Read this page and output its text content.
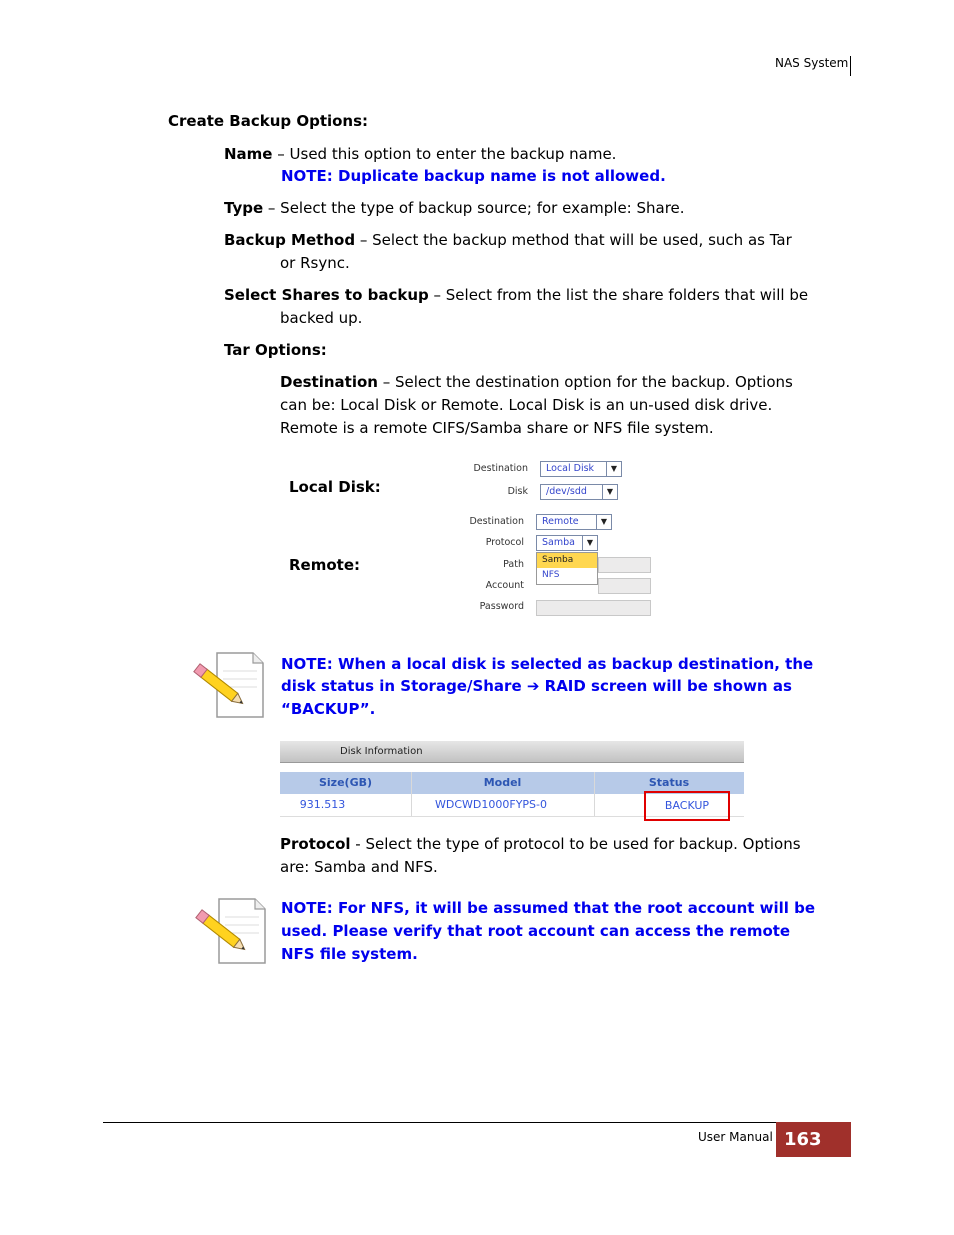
NAS System
Create Backup Options:
Name – Used this option to enter the backup name.
NOTE: Duplicate backup name is not allowed.
Type – Select the type of backup source; for example: Share.
Backup Method – Select the backup method that will be used, such as Tar
or Rsync.
Select Shares to backup – Select from the list the share folders that will be
backed up.
Tar Options:
Destination – Select the destination option for the backup. Options
can be: Local Disk or Remote. Local Disk is an un-used disk drive.
Remote is a remote CIFS/Samba share or NFS file system.
Local Disk:
Destination	Local Disk	▼
Disk	/dev/sdd	▼
Remote:
Destination	Remote	▼
Protocol	Samba	▼
Path
Account
Password
Samba
NFS
NOTE: When a local disk is selected as backup destination, the
disk status in Storage/Share ➔ RAID screen will be shown as
“BACKUP”.
Disk Information
Size(GB)	Model	Status
931.513	WDCWD1000FYPS-0	BACKUP
Protocol - Select the type of protocol to be used for backup. Options
are: Samba and NFS.
NOTE: For NFS, it will be assumed that the root account will be
used. Please verify that root account can access the remote
NFS file system.
User Manual 163
